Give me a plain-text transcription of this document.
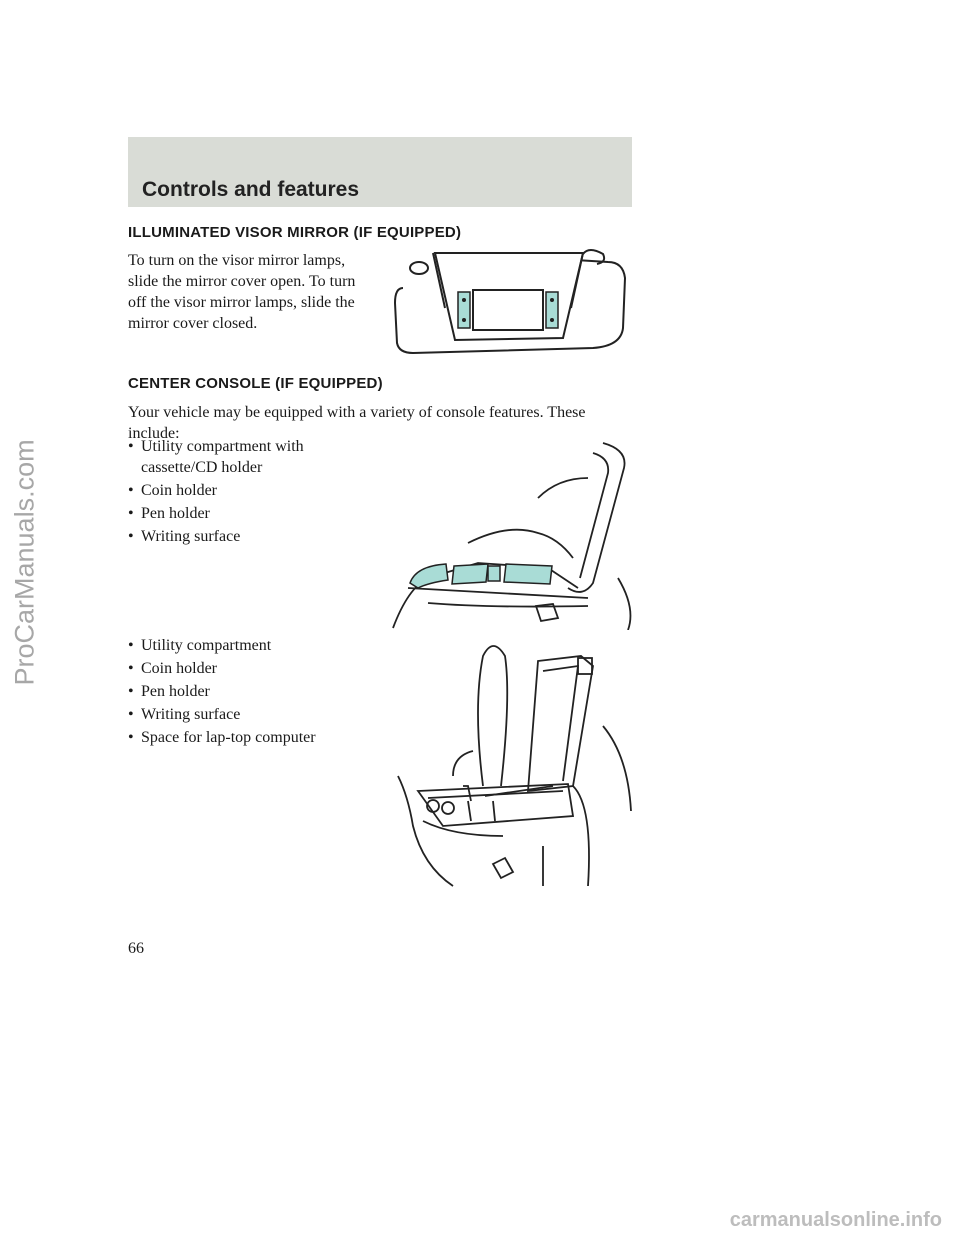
Controls and features
ILLUMINATED VISOR MIRROR (IF EQUIPPED)

To turn on the visor mirror lamps, slide the mirror cover open. To turn off the visor mirror lamps, slide the mirror cover closed.

CENTER CONSOLE (IF EQUIPPED)

Your vehicle may be equipped with a variety of console features. These include:

• Utility compartment with cassette/CD holder
• Coin holder
• Pen holder
• Writing surface
• Utility compartment
• Coin holder
• Pen holder
• Writing surface
• Space for lap-top computer
66
ProCarManuals.com
carmanualsonline.info
